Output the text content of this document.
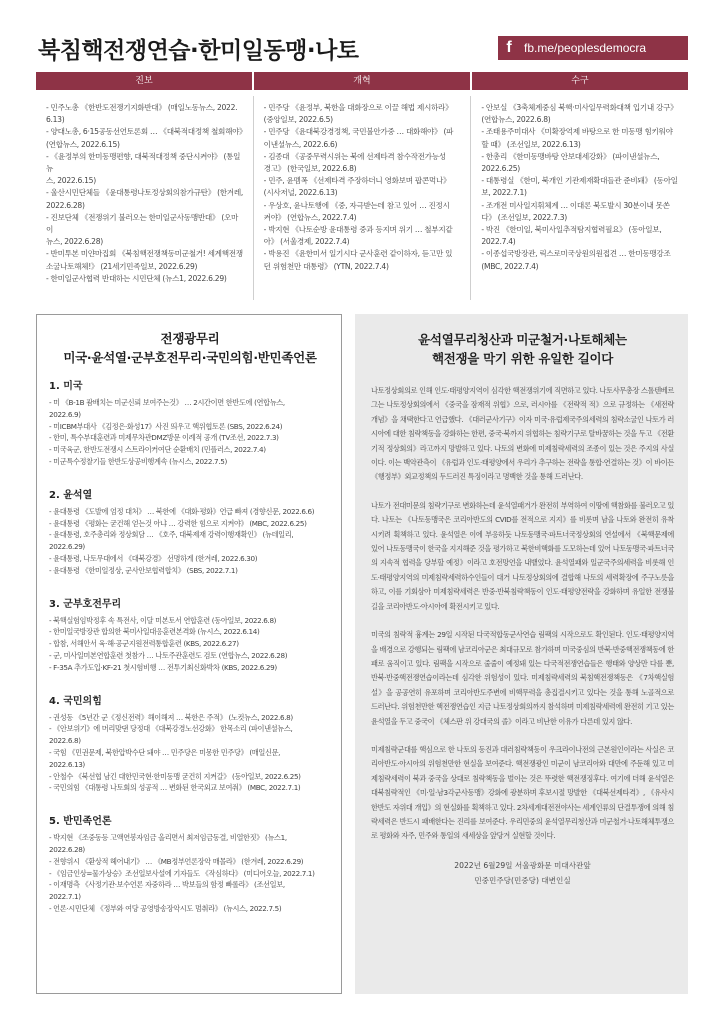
북침핵전쟁연습·한미일동맹·나토	f	fb.me/peoplesdemocra
진보	개혁	수구

- 민주노총 《한반도전쟁기지화반대》 (매일노동뉴스, 2022.

6.13)

- 양대노총, 6·15공동선언토론회 … 《대북적대정책 철회해야》

(연합뉴스, 2022.6.15)

- 《윤정부의 한미동맹편향, 대북적대정책 중단시켜야》 (통일뉴

스, 2022.6.15)

- 울산시민단체들 《윤대통령나토정상회의참가규탄》 (한겨레,

2022.6.28)

- 진보단체 《전쟁위기 불러오는 한미일군사동맹반대》 (오마이

뉴스, 2022.6.28)

- 반미투본 미얀마집회 《북침핵전쟁책동미군철거! 세계핵전쟁

소굴나토해체!》 (21세기민족일보, 2022.6.29)

- 한미일군사협력 반대하는 시민단체 (뉴스1, 2022.6.29)

- 민주당 《윤정부, 북한을 대화장으로 이끌 해법 제시하라》

(중앙일보, 2022.6.5)

- 민주당 《윤대북강경정책, 국민불안가중 … 대화해야》 (파

이낸셜뉴스, 2022.6.6)

- 김종대 《공중무력시위는 북에 선제타격 참수작전가능성

경고》 (한국일보, 2022.6.8)

- 민주, 윤멤폭 《선제타격 주장하더니 영화보며 팝콘먹나》

(시사저널, 2022.6.13)

- 우상호, 윤나토행에 《중, 자극받는데 참고 있어 … 진정시

켜야》 (연합뉴스, 2022.7.4)

- 박지현 《나토순방 윤대통령 중과 등지며 위기 … 철부지같

아》 (서울경제, 2022.7.4)

- 박용진 《윤한미서 일기시다 군사훈련 같이하자, 듣고만 있

던 위험천만 대통령》 (YTN, 2022.7.4)

- 안보실 《3축체계중심 북핵·미사일무력화대책 입기내 강구》

(연합뉴스, 2022.6.8)

- 조태용주미대사 《미확장억제 바탕으로 한 미동맹 힘키워야

할 때》 (조선일보, 2022.6.13)

- 한총리 《한미동맹바탕 안보대세강화》 (파이낸셜뉴스,

2022.6.25)

- 대통령실 《한미, 북개인 기관제재확대들관 준비돼》 (동아일

보, 2022.7.1)

- 조개전 미사일지휘체계 … 이대론 북도발시 30분이내 못쏜

다》 (조선일보, 2022.7.3)

- 박진 《한미일, 북미사일추적탐지협력필요》 (동아일보,

2022.7.4)

- 이종섭국방장관, 릭스로미국상원의원접견 … 한미동맹강조

(MBC, 2022.7.4)

전쟁광무리
미국·윤석열·군부호전무리·국민의힘·반민족언론
1. 미국

- 미 《B-1B 괌배치는 미군신뢰 보여주는것》 … 2시간이면 한반도에 (연합뉴스,

2022.6.9)

- 미ICBM부대사 《김정은·화성17》사진 띄우고 핵위협토론 (SBS, 2022.6.24)

- 한미, 특수부대훈련과 미제무차관DMZ방문 이례적 공개 (TV조선, 2022.7.3)

- 미국육군, 한반도전쟁시 스트라이커여단 순환배치 (민플러스, 2022.7.4)

- 미군특수정찰기들 한반도상공비행계속 (뉴시스, 2022.7.5)

2. 윤석열

- 윤대통령 《도발에 엄정 대처》 … 북한에 《대화·평화》언급 빠져 (경향신문, 2022.6.6)

- 윤대통령 《평화는 굳건해 얻는것 아냐 … 강력한 힘으로 지켜야》 (MBC, 2022.6.25)

- 윤대통령, 호주총리와 정상회담 … 《호주, 대북제재 강력이행재확인》 (뉴데일리,

2022.6.29)

- 윤대통령, 나토무대에서 《대북강경》 선명하게 (한겨레, 2022.6.30)

- 윤대통령 《한미일정상, 군사안보협력합치》 (SBS, 2022.7.1)

3. 군부호전무리

- 북핵실험임박정후 속 특전사, 이달 미본토서 연합훈련 (동아일보, 2022.6.8)

- 한미일국방장관 합의한 북미사일대응훈련본격화 (뉴시스, 2022.6.14)

- 합참, 서해안서 육·해·공군지원전력통합훈련 (KBS, 2022.6.27)

- 군, 미사일미본연합훈련 첫참가 … 나토주관훈련도 검토 (연합뉴스, 2022.6.28)

- F-35A 추가도입·KF-21 첫시험비행 … 전투기최신화박차 (KBS, 2022.6.29)

4. 국민의힘

- 권성동 《5년간 군《정신전력》해이해져 … 북한은 주적》 (노컷뉴스, 2022.6.8)

- 《안보위기》에 머리맞댄 당정대 《대북강경노선강화》 한목소리 (파이낸셜뉴스,

2022.6.8)

- 국힘 《민권문제, 북한압박수단 돼야 … 민주당은 미몽한 민주당》 (매일신문,

2022.6.13)

- 안철수 《북선협 남긴 대한민국현·한미동맹 굳건히 지켜갈》 (동아일보, 2022.6.25)

- 국민의힘 《대통령 나토회의 성공적 … 변화된 한국외교 보여줘》 (MBC, 2022.7.1)

5. 반민족언론

- 박지현 《조중동등 고액연봉자임금 올리면서 최저임금동결, 비열한짓》 (뉴스1,

2022.6.28)

- 전향위시 《환상적 헤어내기》 … 《MB정부언론장악 매몰라》 (한겨레, 2022.6.29)

- 《임금인상=물가상승》조선일보사설에 기자들도 《작심하다》 (미디어오늘, 2022.7.1)

- 이재명측 《사정기관·보수언론 자중하라 … 박보들의 함정 빠롤라》 (조선일보,

2022.7.1)

- 언론·시민단체 《정부와 여당 공영방송장악시도 멈춰라》 (뉴시스, 2022.7.5)

윤석열무리청산과 미군철거·나토해체는
핵전쟁을 막기 위한 유일한 길이다

나토정상회의로 인해 인도·태평양지역이 심각한 핵전쟁위기에 직면하고 있다. 나토사무총장 스톨텐베르그는 나토정상회의에서 《중국을 잠재적 위협》으로, 러시아를 《전략적 적》으로 규정하는 《새전략개념》을 채택한다고 언급했다. 《대러군사기구》이자 미국·유럽제국주의세력의 침략소굴인 나토가 러시아에 대한 침략책동을 강화하는 한편, 중국·북까지 위협하는 침략기구로 탈바꿈하는 것을 두고 《전환기적 정상회의》라고까지 망발하고 있다. 나토의 변화에 미제침략세력의 조종이 있는 것은 주지의 사실이다. 이는 백악관측이 《유럽과 인도·태평양에서 우리가 추구하는 전략을 통합·연결하는 것》이 바이든《행정부》외교정책의 두드러진 특징이라고 명백한 것을 통해 드러난다.

나토가 전대미문의 침략기구로 변화하는데 윤석열패거가 완전히 부역하여 이땅에 핵참화를 불러오고 있다. 나토는 《나토동맹국은 코리아반도의 CVID를 전적으로 지지》를 비롯며 남을 나토와 완전히 유착시키려 획책하고 있다. 윤석열은 이에 부응하듯 나토동맹국·파트너국정상회의 연설에서 《북핵문제에 있어 나토동맹국이 한국을 지지해준 것을 평가하고 북한비핵화를 도모하는데 있어 나토동맹국·파트너국의 지속적 협력을 당부할 예정》이라고 호전망언을 내뱉었다. 윤석열패와 일군국주의세력을 비롯해 인도·태평양지역의 미제침략세력하수인들이 대거 나토정상회의에 결합해 나토의 세력확장에 주구노릇을 하고, 이를 기회삼아 미제침략세력은 반중·반북침략책동이 인도·태평양전략을 강화하며 유일한 전쟁불길을 코리아반도·아시아에 확전시키고 있다.

미국의 침략적 흉계는 29일 시작된 다국적합동군사연습 림팩의 시작으로도 확인된다. 인도·태평양지역을 배경으로 강행되는 림팩에 남코리아군은 최대규모로 참가하며 미국중심의 반북·반중핵전쟁책동에 한패로 움직이고 있다. 림팩을 시작으로 줄줄이 예정돼 있는 다국적전쟁연습들은 행태와 양상만 다를 뿐, 반북·반중핵전쟁연습이라는데 심각한 위험성이 있다. 미제침략세력의 북침핵전쟁책동은 《7차핵실험설》을 공공연히 유포하며 코리아반도주변에 비핵무력을 총집결시키고 있다는 것을 통해 노골적으로 드러난다. 위험천만한 핵전쟁연습인 지금 나토정상회의까지 참석하며 미제침략세력에 완전히 기고 있는 윤석열을 두고 중국이 《체스판 위 강대국의 졸》이라고 비난한 이유가 다른데 있지 않다.

미제침략군대를 핵심으로 한 나토의 동진과 대러침략책동이 우크라이나전의 근본원인이라는 사실은 코리아반도·아시아의 위험천만한 현실을 보여준다. 핵전쟁광인 미군이 남코리아와 대만에 주둔해 있고 미제침략세력이 북과 중국을 상대로 침략책동을 벌이는 것은 뚜렷한 핵전쟁징후다. 여기에 더해 윤석열은 대북침략적인 《미·일·남3각군사동맹》강화에 광분하며 후보시절 망발한 《대북선제타격》, 《유사시 한반도 자위대 개입》의 현실화를 획책하고 있다. 2차세계대전전야사는 세계인류의 단결투쟁에 의해 침략세력은 반드시 패배한다는 진리를 보여준다. 우리민중의 윤석열무리청산과 미군철거·나토해체투쟁으로 평화와 자주, 민주와 통일의 새세상을 앞당겨 실현할 것이다.

2022년 6월29일 서울광화문 미대사관앞
민중민주당(민중당) 대변인실
